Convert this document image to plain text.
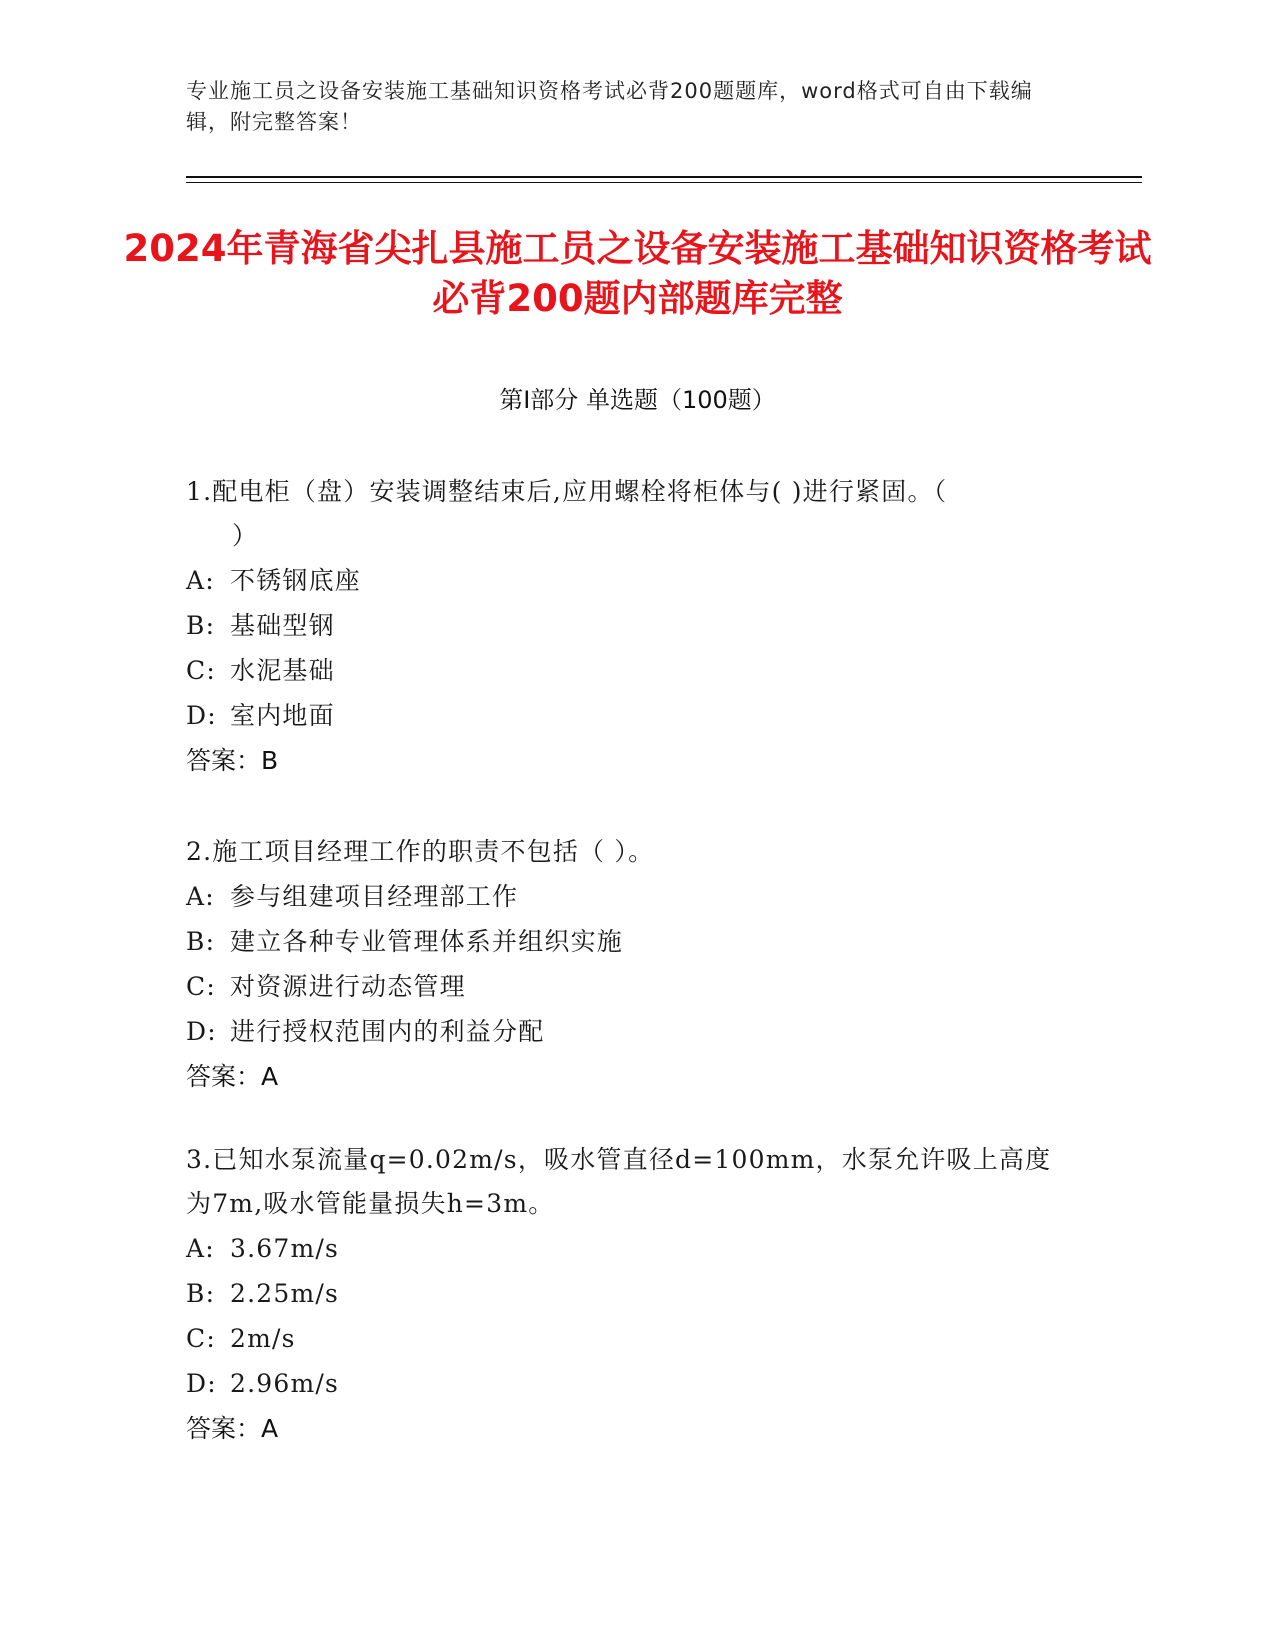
专业施工员之设备安装施工基础知识资格考试必背200题题库，word格式可自由下载编辑，附完整答案！
2024年青海省尖扎县施工员之设备安装施工基础知识资格考试必背200题内部题库完整
第Ⅰ部分 单选题（100题）

1.配电柜（盘）安装调整结束后,应用螺栓将柜体与( )进行紧固。（
）

A: 不锈钢底座

B: 基础型钢

C: 水泥基础

D: 室内地面

答案：B

2.施工项目经理工作的职责不包括（ ）。

A: 参与组建项目经理部工作

B: 建立各种专业管理体系并组织实施

C: 对资源进行动态管理

D: 进行授权范围内的利益分配

答案：A

3.已知水泵流量q=0.02m/s，吸水管直径d=100mm，水泵允许吸上高度为7m,吸水管能量损失h=3m。

A: 3.67m/s

B: 2.25m/s

C: 2m/s

D: 2.96m/s

答案：A
